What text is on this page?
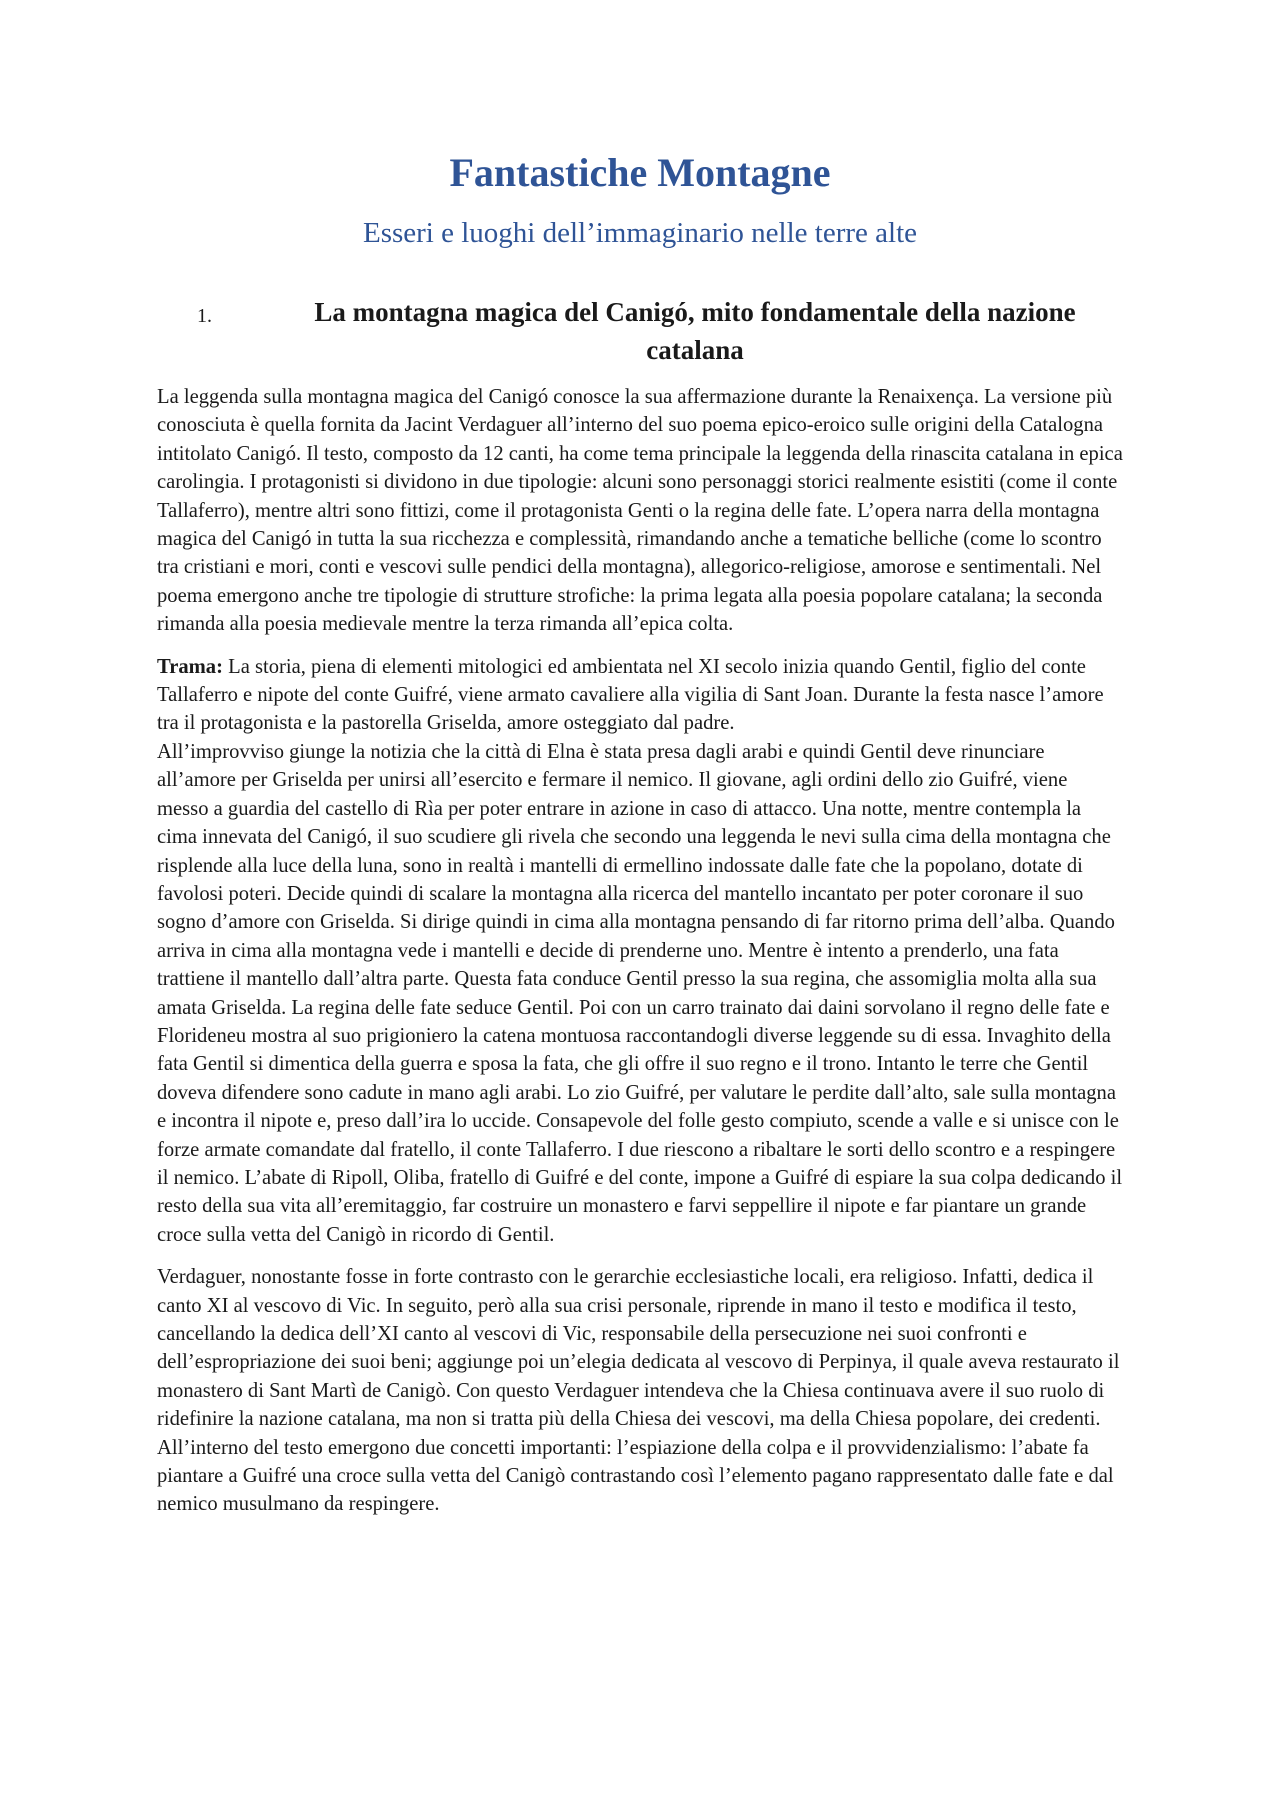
Fantastiche Montagne
Esseri e luoghi dell’immaginario nelle terre alte
1.	La montagna magica del Canigó, mito fondamentale della nazione catalana

La leggenda sulla montagna magica del Canigó conosce la sua affermazione durante la Renaixença. La versione più conosciuta è quella fornita da Jacint Verdaguer all’interno del suo poema epico-eroico sulle origini della Catalogna intitolato Canigó. Il testo, composto da 12 canti, ha come tema principale la leggenda della rinascita catalana in epica carolingia. I protagonisti si dividono in due tipologie: alcuni sono personaggi storici realmente esistiti (come il conte Tallaferro), mentre altri sono fittizi, come il protagonista Genti o la regina delle fate. L’opera narra della montagna magica del Canigó in tutta la sua ricchezza e complessità, rimandando anche a tematiche belliche (come lo scontro tra cristiani e mori, conti e vescovi sulle pendici della montagna), allegorico-religiose, amorose e sentimentali. Nel poema emergono anche tre tipologie di strutture strofiche: la prima legata alla poesia popolare catalana; la seconda rimanda alla poesia medievale mentre la terza rimanda all’epica colta.

Trama: La storia, piena di elementi mitologici ed ambientata nel XI secolo inizia quando Gentil, figlio del conte Tallaferro e nipote del conte Guifré, viene armato cavaliere alla vigilia di Sant Joan. Durante la festa nasce l’amore tra il protagonista e la pastorella Griselda, amore osteggiato dal padre.
All’improvviso giunge la notizia che la città di Elna è stata presa dagli arabi e quindi Gentil deve rinunciare all’amore per Griselda per unirsi all’esercito e fermare il nemico. Il giovane, agli ordini dello zio Guifré, viene messo a guardia del castello di Rìa per poter entrare in azione in caso di attacco. Una notte, mentre contempla la cima innevata del Canigó, il suo scudiere gli rivela che secondo una leggenda le nevi sulla cima della montagna che risplende alla luce della luna, sono in realtà i mantelli di ermellino indossate dalle fate che la popolano, dotate di favolosi poteri. Decide quindi di scalare la montagna alla ricerca del mantello incantato per poter coronare il suo sogno d’amore con Griselda. Si dirige quindi in cima alla montagna pensando di far ritorno prima dell’alba. Quando arriva in cima alla montagna vede i mantelli e decide di prenderne uno. Mentre è intento a prenderlo, una fata trattiene il mantello dall’altra parte. Questa fata conduce Gentil presso la sua regina, che assomiglia molta alla sua amata Griselda. La regina delle fate seduce Gentil. Poi con un carro trainato dai daini sorvolano il regno delle fate e Florideneu mostra al suo prigioniero la catena montuosa raccontandogli diverse leggende su di essa. Invaghito della fata Gentil si dimentica della guerra e sposa la fata, che gli offre il suo regno e il trono. Intanto le terre che Gentil doveva difendere sono cadute in mano agli arabi. Lo zio Guifré, per valutare le perdite dall’alto, sale sulla montagna e incontra il nipote e, preso dall’ira lo uccide. Consapevole del folle gesto compiuto, scende a valle e si unisce con le forze armate comandate dal fratello, il conte Tallaferro. I due riescono a ribaltare le sorti dello scontro e a respingere il nemico. L’abate di Ripoll, Oliba, fratello di Guifré e del conte, impone a Guifré di espiare la sua colpa dedicando il resto della sua vita all’eremitaggio, far costruire un monastero e farvi seppellire il nipote e far piantare un grande croce sulla vetta del Canigò in ricordo di Gentil.

Verdaguer, nonostante fosse in forte contrasto con le gerarchie ecclesiastiche locali, era religioso. Infatti, dedica il canto XI al vescovo di Vic. In seguito, però alla sua crisi personale, riprende in mano il testo e modifica il testo, cancellando la dedica dell’XI canto al vescovi di Vic, responsabile della persecuzione nei suoi confronti e dell’espropriazione dei suoi beni; aggiunge poi un’elegia dedicata al vescovo di Perpinya, il quale aveva restaurato il monastero di Sant Martì de Canigò. Con questo Verdaguer intendeva che la Chiesa continuava avere il suo ruolo di ridefinire la nazione catalana, ma non si tratta più della Chiesa dei vescovi, ma della Chiesa popolare, dei credenti. All’interno del testo emergono due concetti importanti: l’espiazione della colpa e il provvidenzialismo: l’abate fa piantare a Guifré una croce sulla vetta del Canigò contrastando così l’elemento pagano rappresentato dalle fate e dal nemico musulmano da respingere.
